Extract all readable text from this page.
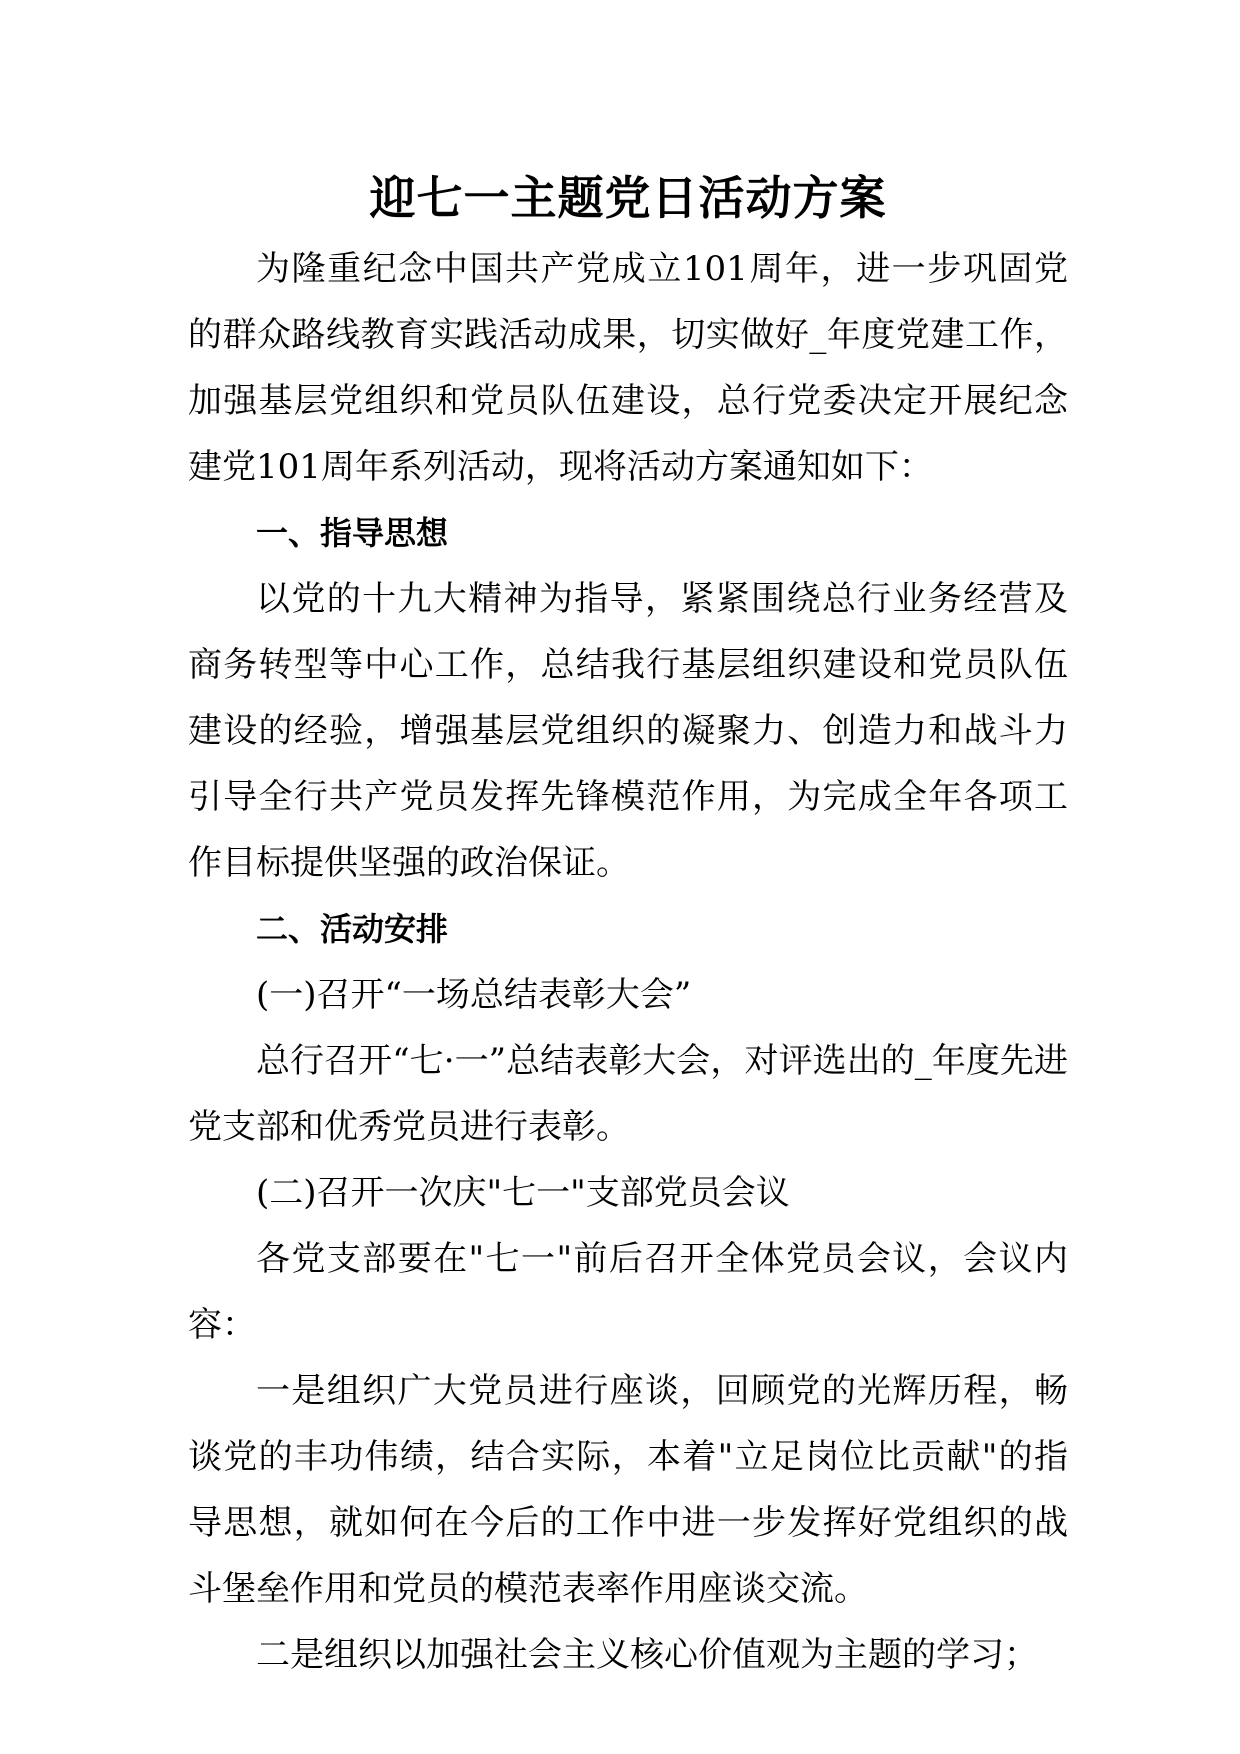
迎七一主题党日活动方案

为隆重纪念中国共产党成立101周年，进一步巩固党的群众路线教育实践活动成果，切实做好_年度党建工作，加强基层党组织和党员队伍建设，总行党委决定开展纪念建党101周年系列活动，现将活动方案通知如下：

一、指导思想

以党的十九大精神为指导，紧紧围绕总行业务经营及商务转型等中心工作，总结我行基层组织建设和党员队伍建设的经验，增强基层党组织的凝聚力、创造力和战斗力引导全行共产党员发挥先锋模范作用，为完成全年各项工作目标提供坚强的政治保证。

二、活动安排

(一)召开“一场总结表彰大会”

总行召开“七·一”总结表彰大会，对评选出的_年度先进党支部和优秀党员进行表彰。

(二)召开一次庆"七一"支部党员会议

各党支部要在"七一"前后召开全体党员会议，会议内容：

一是组织广大党员进行座谈，回顾党的光辉历程，畅谈党的丰功伟绩，结合实际，本着"立足岗位比贡献"的指导思想，就如何在今后的工作中进一步发挥好党组织的战斗堡垒作用和党员的模范表率作用座谈交流。

二是组织以加强社会主义核心价值观为主题的学习；
